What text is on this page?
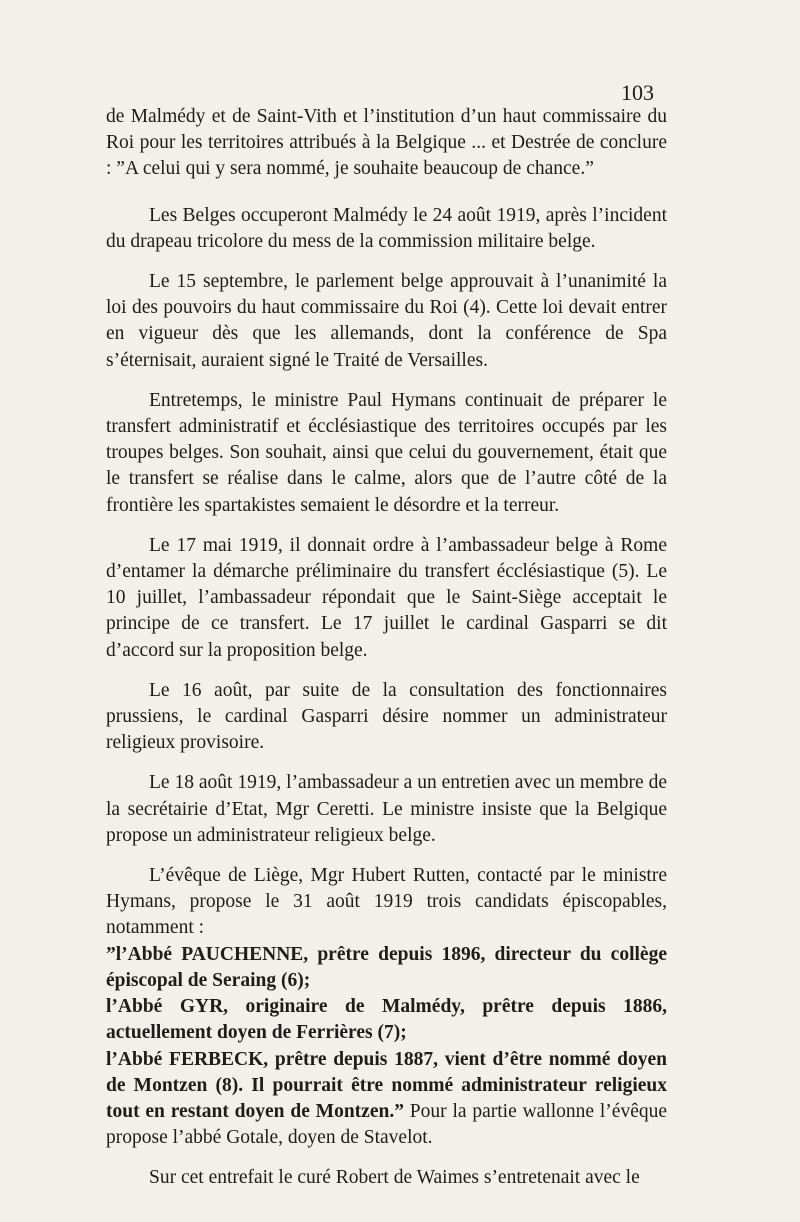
103

de Malmédy et de Saint-Vith et l’institution d’un haut commissaire du Roi pour les territoires attribués à la Belgique ... et Destrée de conclure : ”A celui qui y sera nommé, je souhaite beaucoup de chance.”

Les Belges occuperont Malmédy le 24 août 1919, après l’incident du drapeau tricolore du mess de la commission militaire belge.

Le 15 septembre, le parlement belge approuvait à l’unanimité la loi des pouvoirs du haut commissaire du Roi (4). Cette loi devait entrer en vigueur dès que les allemands, dont la conférence de Spa s’éternisait, auraient signé le Traité de Versailles.

Entretemps, le ministre Paul Hymans continuait de préparer le transfert administratif et écclésiastique des territoires occupés par les troupes belges. Son souhait, ainsi que celui du gouvernement, était que le transfert se réalise dans le calme, alors que de l’autre côté de la frontière les spartakistes semaient le désordre et la terreur.

Le 17 mai 1919, il donnait ordre à l’ambassadeur belge à Rome d’entamer la démarche préliminaire du transfert écclésiastique (5). Le 10 juillet, l’ambassadeur répondait que le Saint-Siège acceptait le principe de ce transfert. Le 17 juillet le cardinal Gasparri se dit d’accord sur la proposition belge.

Le 16 août, par suite de la consultation des fonctionnaires prussiens, le cardinal Gasparri désire nommer un administrateur religieux provisoire.

Le 18 août 1919, l’ambassadeur a un entretien avec un membre de la secrétairie d’Etat, Mgr Ceretti. Le ministre insiste que la Belgique propose un administrateur religieux belge.

L’évêque de Liège, Mgr Hubert Rutten, contacté par le ministre Hymans, propose le 31 août 1919 trois candidats épiscopables, notamment :

”l’Abbé PAUCHENNE, prêtre depuis 1896, directeur du collège épiscopal de Seraing (6);
l’Abbé GYR, originaire de Malmédy, prêtre depuis 1886, actuellement doyen de Ferrières (7);
l’Abbé FERBECK, prêtre depuis 1887, vient d’être nommé doyen de Montzen (8). Il pourrait être nommé administrateur religieux tout en restant doyen de Montzen.” Pour la partie wallonne l’évêque propose l’abbé Gotale, doyen de Stavelot.

Sur cet entrefait le curé Robert de Waimes s’entretenait avec le
